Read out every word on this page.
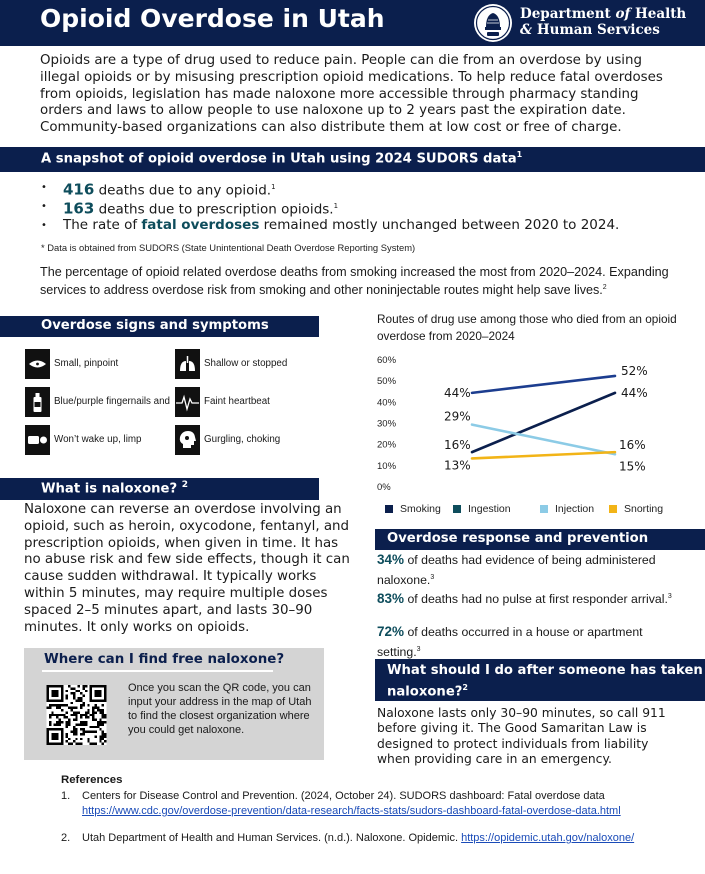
Opioid Overdose in Utah	Department of Health
& Human Services

Opioids are a type of drug used to reduce pain. People can die from an overdose by using illegal opioids or by misusing prescription opioid medications. To help reduce fatal overdoses from opioids, legislation has made naloxone more accessible through pharmacy standing orders and laws to allow people to use naloxone up to 2 years past the expiration date. Community-based organizations can also distribute them at low cost or free of charge.

A snapshot of opioid overdose in Utah using 2024 SUDORS data$^1$
• 416 deaths due to any opioid.$^1$
• 163 deaths due to prescription opioids.$^1$
• The rate of fatal overdoses remained mostly unchanged between 2020 to 2024.
* Data is obtained from SUDORS (State Unintentional Death Overdose Reporting System)

The percentage of opioid related overdose deaths from smoking increased the most from 2020–2024. Expanding services to address overdose risk from smoking and other noninjectable routes might help save lives.$^2$

Overdose signs and symptoms
Small, pinpoint	Shallow or stopped
Blue/purple fingernails and	Faint heartbeat
Won’t wake up, limp	Gurgling, choking
What is naloxone? $^2$

Naloxone can reverse an overdose involving an opioid, such as heroin, oxycodone, fentanyl, and prescription opioids, when given in time. It has no abuse risk and few side effects, though it can cause sudden withdrawal. It typically works within 5 minutes, may require multiple doses spaced 2–5 minutes apart, and lasts 30–90 minutes. It only works on opioids.

Where can I find free naloxone?

Once you scan the QR code, you can input your address in the map of Utah to find the closest organization where you could get naloxone.

Routes of drug use among those who died from an opioid overdose from 2020–2024
0%
10%
20%
30%
40%
50%
60%
16%
44%
44%
52%
29%
15%
13%
16%
Smoking	Ingestion	Injection	Snorting
Overdose response and prevention

34% of deaths had evidence of being administered naloxone.$^3$

83% of deaths had no pulse at first responder arrival.$^3$

72% of deaths occurred in a house or apartment setting.$^3$

What should I do after someone has taken naloxone?$^2$

Naloxone lasts only 30–90 minutes, so call 911 before giving it. The Good Samaritan Law is designed to protect individuals from liability when providing care in an emergency.

References
1. Centers for Disease Control and Prevention. (2024, October 24). SUDORS dashboard: Fatal overdose data https://www.cdc.gov/overdose-prevention/data-research/facts-stats/sudors-dashboard-fatal-overdose-data.html
2. Utah Department of Health and Human Services. (n.d.). Naloxone. Opidemic. https://opidemic.utah.gov/naloxone/
